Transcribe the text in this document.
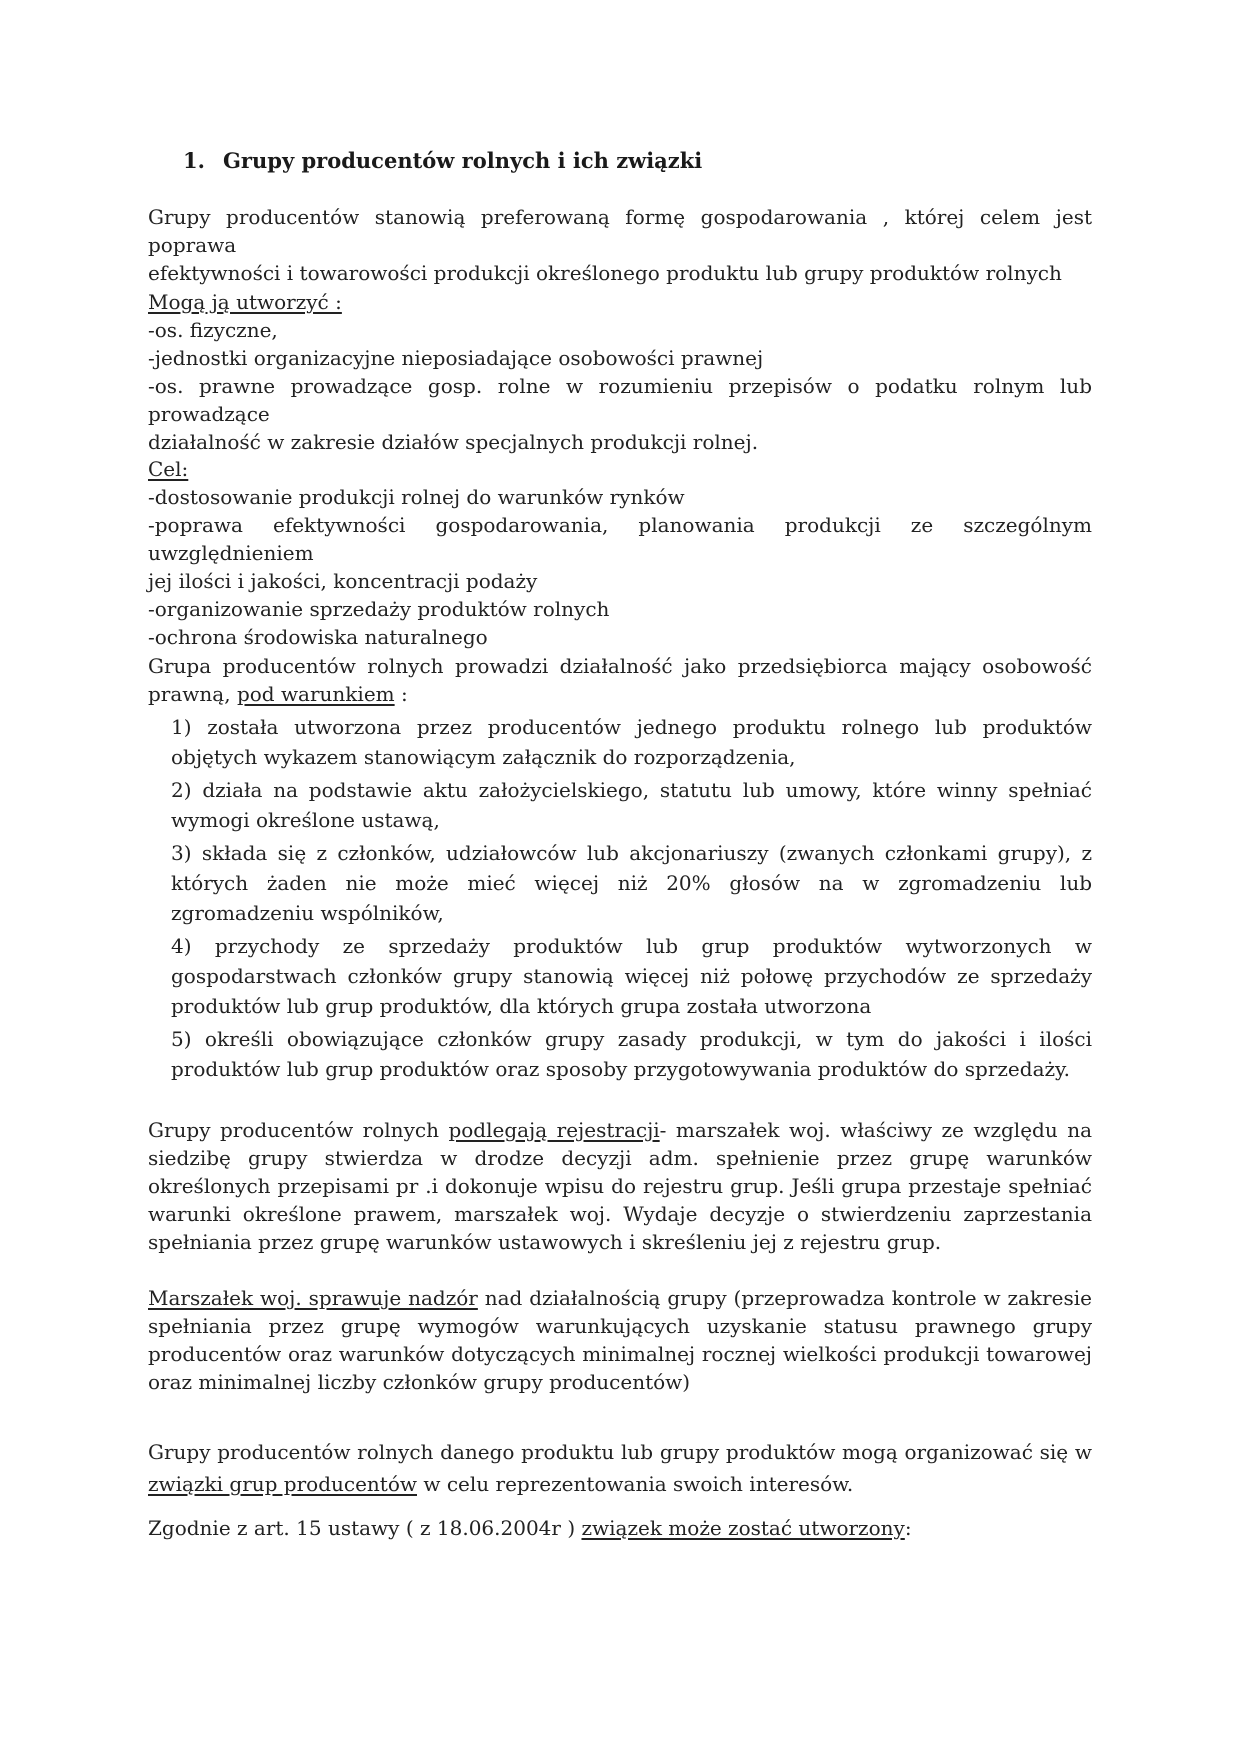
1. Grupy producentów rolnych i ich związki
Grupy producentów stanowią preferowaną formę gospodarowania , której celem jest poprawa
efektywności i towarowości produkcji określonego produktu lub grupy produktów rolnych
Mogą ją utworzyć :
-os. fizyczne,
-jednostki organizacyjne nieposiadające osobowości prawnej
-os. prawne prowadzące gosp. rolne w rozumieniu przepisów o podatku rolnym lub prowadzące
działalność w zakresie działów specjalnych produkcji rolnej.
Cel:
-dostosowanie produkcji rolnej do warunków rynków
-poprawa efektywności gospodarowania, planowania produkcji ze szczególnym uwzględnieniem
jej ilości i jakości, koncentracji podaży
-organizowanie sprzedaży produktów rolnych
-ochrona środowiska naturalnego
Grupa producentów rolnych prowadzi działalność jako przedsiębiorca mający osobowość
prawną, pod warunkiem :
1) została utworzona przez producentów jednego produktu rolnego lub produktów objętych wykazem stanowiącym załącznik do rozporządzenia,
2) działa na podstawie aktu założycielskiego, statutu lub umowy, które winny spełniać wymogi określone ustawą,
3) składa się z członków, udziałowców lub akcjonariuszy (zwanych członkami grupy), z których żaden nie może mieć więcej niż 20% głosów na w zgromadzeniu lub zgromadzeniu wspólników,
4) przychody ze sprzedaży produktów lub grup produktów wytworzonych w gospodarstwach członków grupy stanowią więcej niż połowę przychodów ze sprzedaży produktów lub grup produktów, dla których grupa została utworzona
5) określi obowiązujące członków grupy zasady produkcji, w tym do jakości i ilości produktów lub grup produktów oraz sposoby przygotowywania produktów do sprzedaży.
Grupy producentów rolnych podlegają rejestracji- marszałek woj. właściwy ze względu na siedzibę grupy stwierdza w drodze decyzji adm. spełnienie przez grupę warunków określonych przepisami pr .i dokonuje wpisu do rejestru grup. Jeśli grupa przestaje spełniać warunki określone prawem, marszałek woj. Wydaje decyzje o stwierdzeniu zaprzestania spełniania przez grupę warunków ustawowych i skreśleniu jej z rejestru grup.
Marszałek woj. sprawuje nadzór nad działalnością grupy (przeprowadza kontrole w zakresie spełniania przez grupę wymogów warunkujących uzyskanie statusu prawnego grupy producentów oraz warunków dotyczących minimalnej rocznej wielkości produkcji towarowej oraz minimalnej liczby członków grupy producentów)
Grupy producentów rolnych danego produktu lub grupy produktów mogą organizować się w
związki grup producentów w celu reprezentowania swoich interesów.
Zgodnie z art. 15 ustawy ( z 18.06.2004r ) związek może zostać utworzony:
